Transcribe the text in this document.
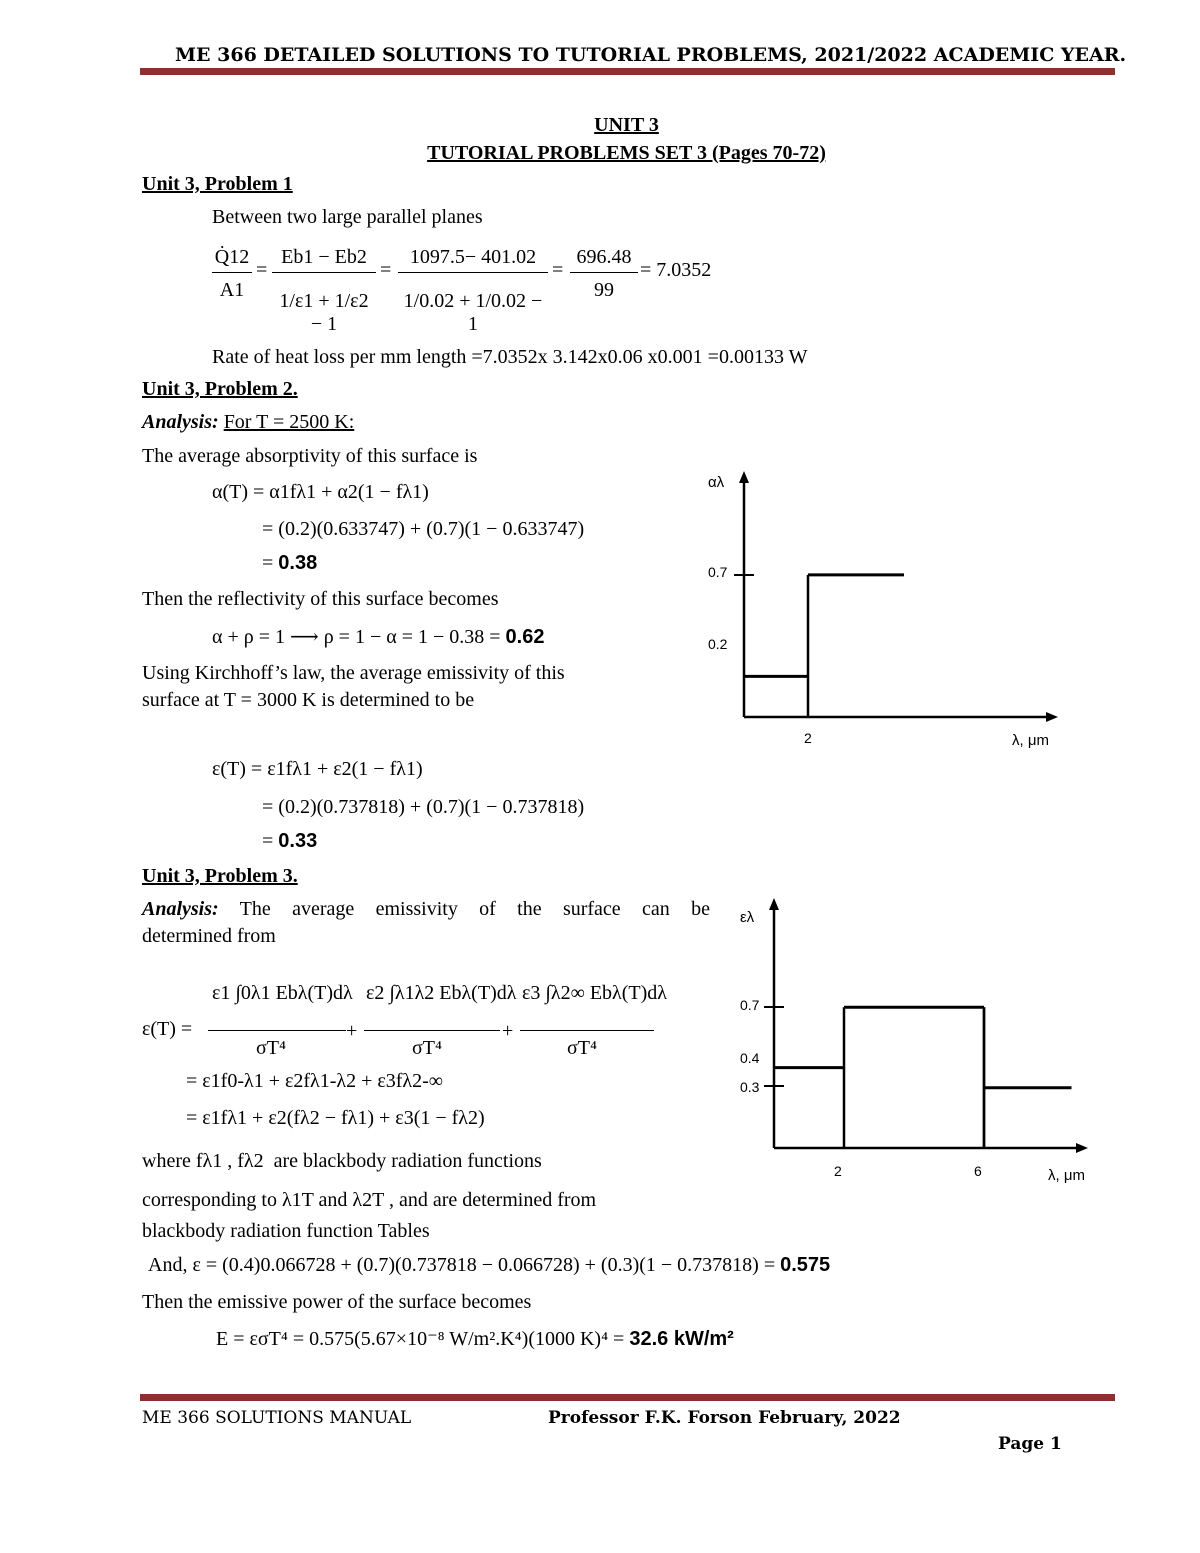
ME 366 DETAILED SOLUTIONS TO TUTORIAL PROBLEMS, 2021/2022 ACADEMIC YEAR.
UNIT 3
TUTORIAL PROBLEMS SET 3 (Pages 70-72)
Unit 3, Problem 1
Between two large parallel planes
Q̇12
A1
=
Eb1 − Eb2
1/ε1 + 1/ε2 − 1
=
1097.5− 401.02
1/0.02 + 1/0.02 − 1
=
696.48
99
= 7.0352
Rate of heat loss per mm length =7.0352x 3.142x0.06 x0.001 =0.00133 W
Unit 3, Problem 2.
Analysis: For T = 2500 K:
The average absorptivity of this surface is
α(T) = α1fλ1 + α2(1 − fλ1)
= (0.2)(0.633747) + (0.7)(1 − 0.633747)
= 0.38
Then the reflectivity of this surface becomes
α + ρ = 1 ⟶ ρ = 1 − α = 1 − 0.38 = 0.62
Using Kirchhoff’s law, the average emissivity of this
surface at T = 3000 K is determined to be
ε(T) = ε1fλ1 + ε2(1 − fλ1)
= (0.2)(0.737818) + (0.7)(1 − 0.737818)
= 0.33
αλ
λ, μm
0.7
0.2
2
Unit 3, Problem 3.
Analysis: The average emissivity of the surface can be
determined from
ε(T) =
ε1 ∫0λ1 Ebλ(T)dλ
σT⁴
+
ε2 ∫λ1λ2 Ebλ(T)dλ
σT⁴
+
ε3 ∫λ2∞ Ebλ(T)dλ
σT⁴
= ε1f0-λ1 + ε2fλ1-λ2 + ε3fλ2-∞
= ε1fλ1 + ε2(fλ2 − fλ1) + ε3(1 − fλ2)
where fλ1 , fλ2 are blackbody radiation functions
corresponding to λ1T and λ2T , and are determined from
blackbody radiation function Tables
And, ε = (0.4)0.066728 + (0.7)(0.737818 − 0.066728) + (0.3)(1 − 0.737818) = 0.575
Then the emissive power of the surface becomes
E = εσT⁴ = 0.575(5.67×10⁻⁸ W/m².K⁴)(1000 K)⁴ = 32.6 kW/m²
ελ
λ, μm
0.7
0.4
0.3
2	6
ME 366 SOLUTIONS MANUAL	Professor F.K. Forson February, 2022
Page 1
